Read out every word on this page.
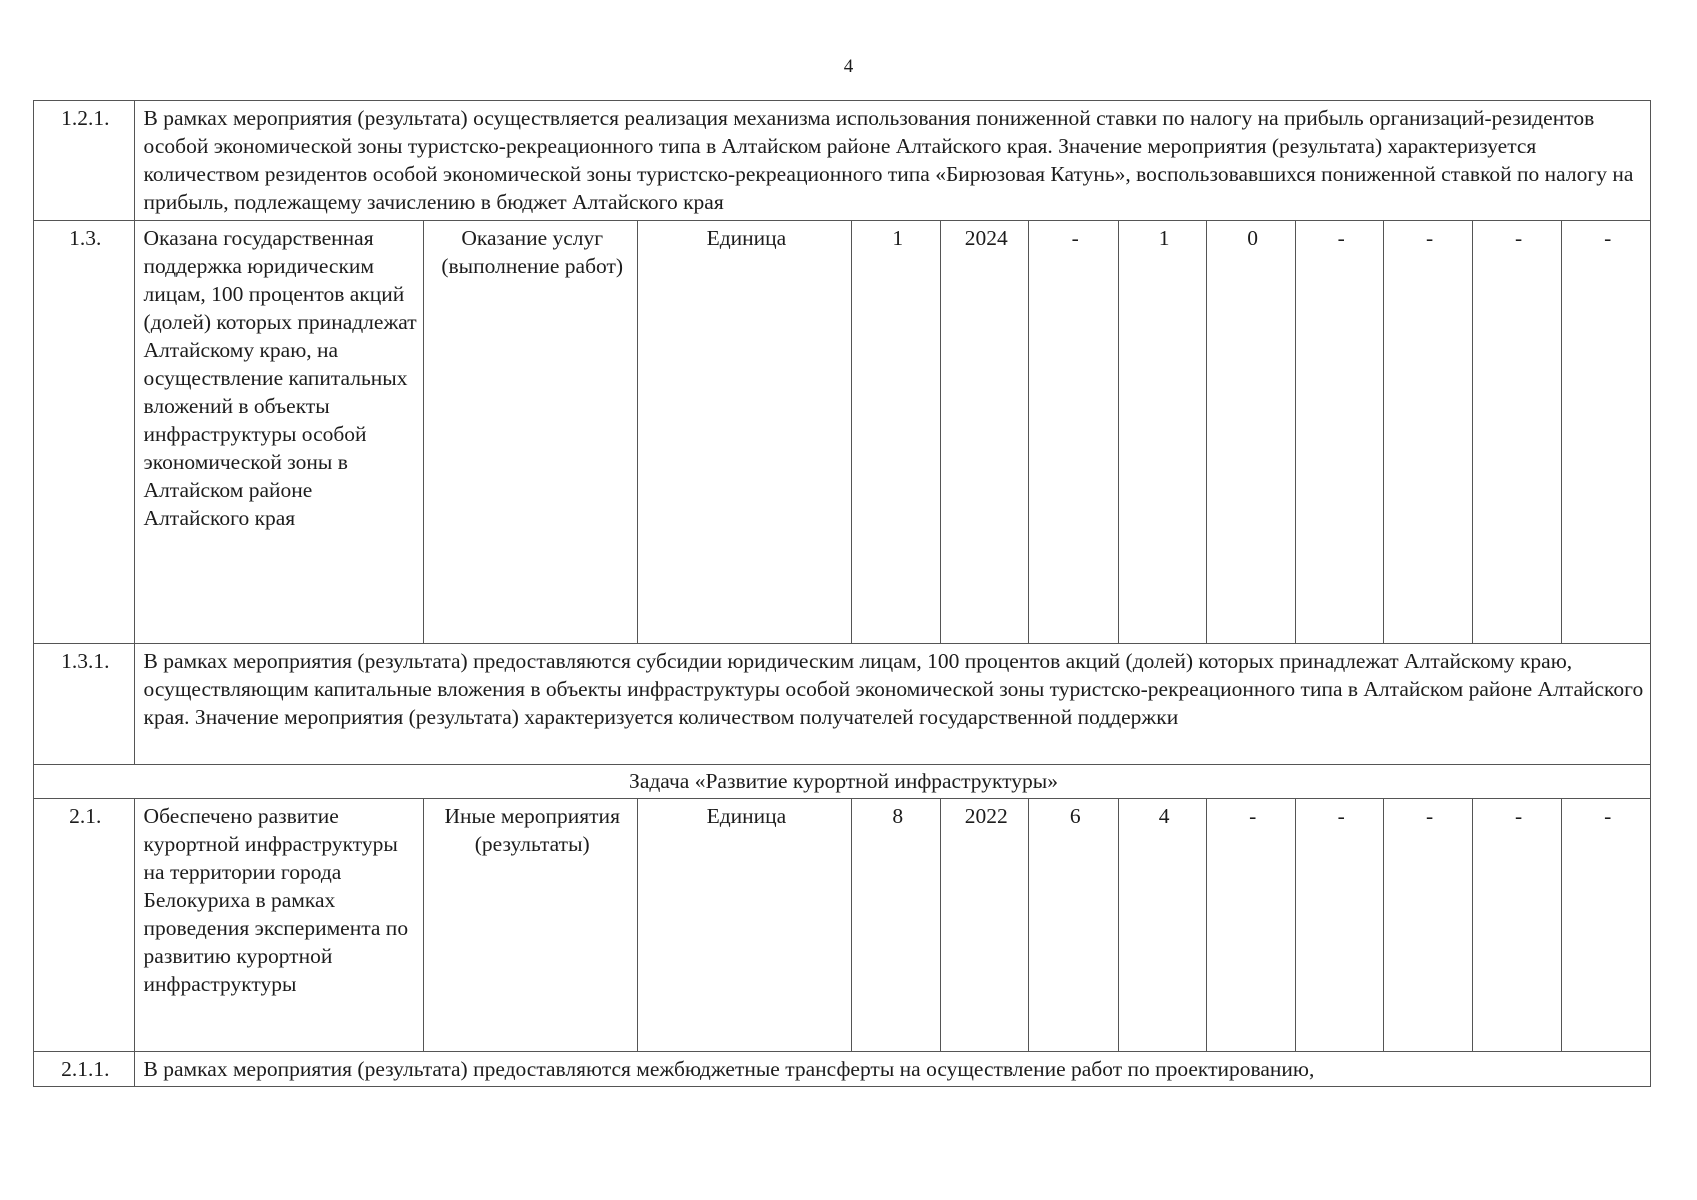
4
1.2.1.	В рамках мероприятия (результата) осуществляется реализация механизма использования пониженной ставки по налогу на прибыль организаций-резидентов особой экономической зоны туристско-рекреационного типа в Алтайском районе Алтайского края. Значение мероприятия (результата) характеризуется количеством резидентов особой экономической зоны туристско-рекреационного типа «Бирюзовая Катунь», воспользовавшихся пониженной ставкой по налогу на прибыль, подлежащему зачислению в бюджет Алтайского края											
1.3.	Оказана государственная поддержка юридическим лицам, 100 процентов акций (долей) которых принадлежат Алтайскому краю, на осуществление капитальных вложений в объекты инфраструктуры особой экономической зоны в Алтайском районе Алтайского края	Оказание услуг (выполнение работ)	Единица	1	2024	-	1	0	-	-	-	-
1.3.1.	В рамках мероприятия (результата) предоставляются субсидии юридическим лицам, 100 процентов акций (долей) которых принадлежат Алтайскому краю, осуществляющим капитальные вложения в объекты инфраструктуры особой экономической зоны туристско-рекреационного типа в Алтайском районе Алтайского края. Значение мероприятия (результата) характеризуется количеством получателей государственной поддержки											
Задача «Развитие курортной инфраструктуры»												
2.1.	Обеспечено развитие курортной инфраструктуры на территории города Белокуриха в рамках проведения эксперимента по развитию курортной инфраструктуры	Иные мероприятия (результаты)	Единица	8	2022	6	4	-	-	-	-	-
2.1.1.	В рамках мероприятия (результата) предоставляются межбюджетные трансферты на осуществление работ по проектированию,											
